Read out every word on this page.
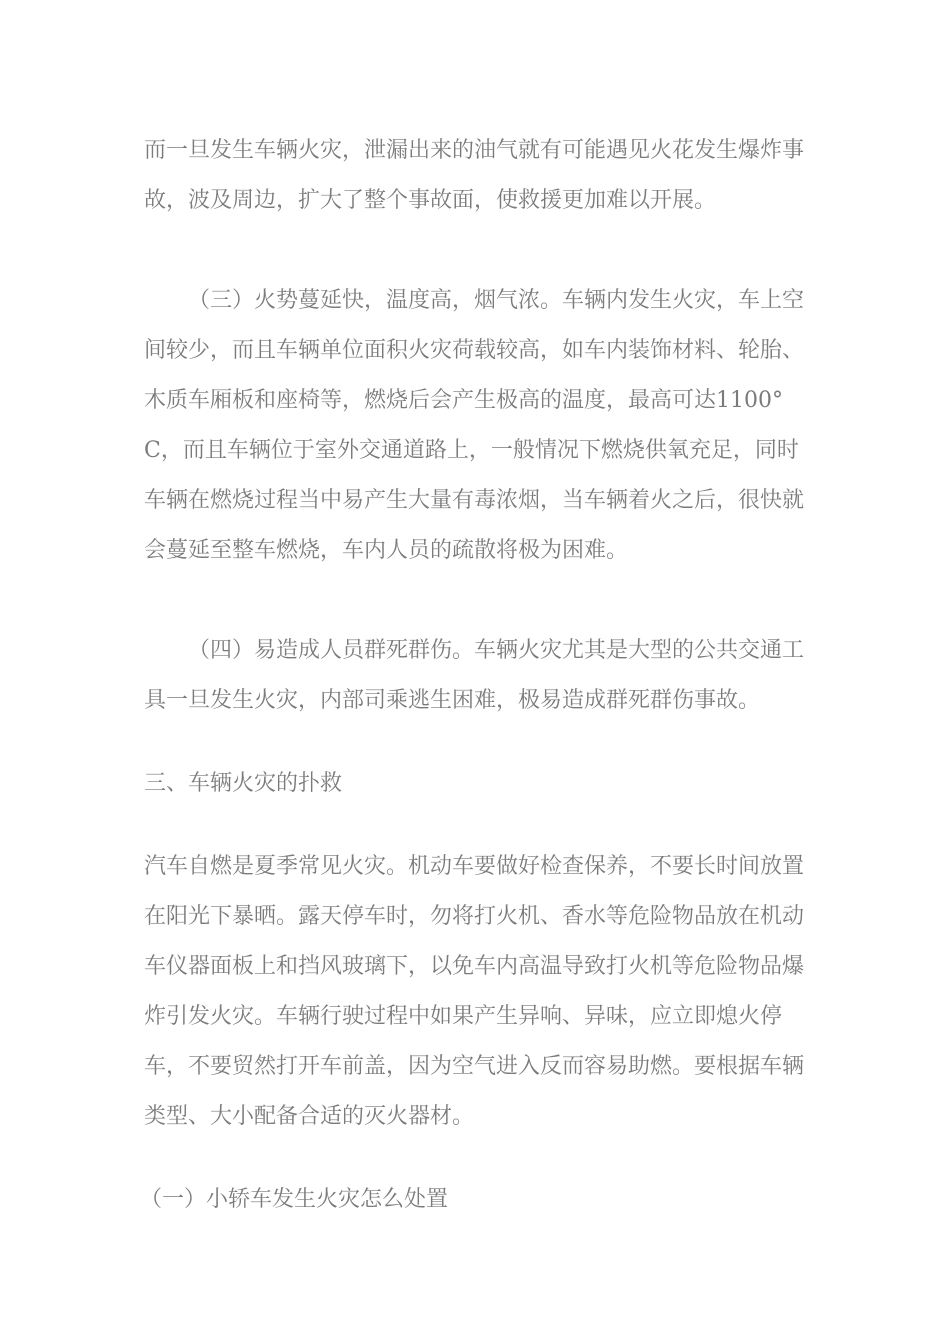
而一旦发生车辆火灾，泄漏出来的油气就有可能遇见火花发生爆炸事故，波及周边，扩大了整个事故面，使救援更加难以开展。

（三）火势蔓延快，温度高，烟气浓。车辆内发生火灾，车上空间较少，而且车辆单位面积火灾荷载较高，如车内装饰材料、轮胎、木质车厢板和座椅等，燃烧后会产生极高的温度，最高可达1100°C，而且车辆位于室外交通道路上，一般情况下燃烧供氧充足，同时车辆在燃烧过程当中易产生大量有毒浓烟，当车辆着火之后，很快就会蔓延至整车燃烧，车内人员的疏散将极为困难。

（四）易造成人员群死群伤。车辆火灾尤其是大型的公共交通工具一旦发生火灾，内部司乘逃生困难，极易造成群死群伤事故。

三、车辆火灾的扑救

汽车自燃是夏季常见火灾。机动车要做好检查保养，不要长时间放置在阳光下暴晒。露天停车时，勿将打火机、香水等危险物品放在机动车仪器面板上和挡风玻璃下，以免车内高温导致打火机等危险物品爆炸引发火灾。车辆行驶过程中如果产生异响、异味，应立即熄火停车，不要贸然打开车前盖，因为空气进入反而容易助燃。要根据车辆类型、大小配备合适的灭火器材。

（一）小轿车发生火灾怎么处置
